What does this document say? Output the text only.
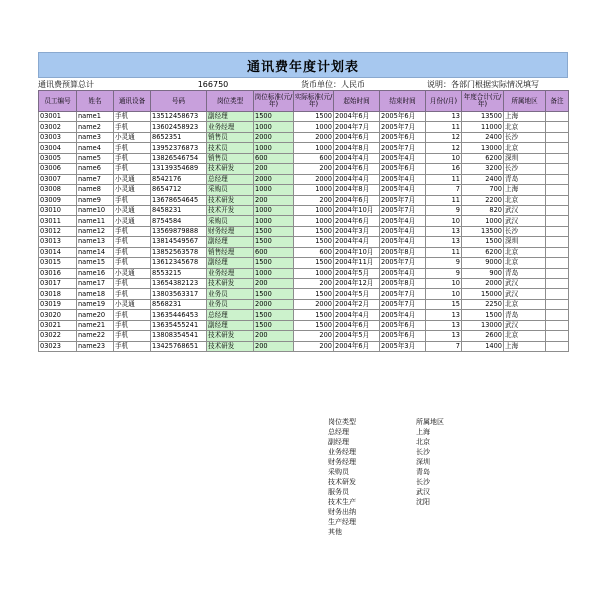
通讯费年度计划表
通讯费预算总计	166750	货币单位：人民币	说明：各部门根据实际情况填写
员工编号	姓名	通讯设备	号码	岗位类型	岗位标准(元/年)	实际标准(元/年)	起始时间	结束时间	月份(/月)	年度合计(元/年)	所属地区	备注
03001	name1	手机	13512458673	副经理	1500	1500	2004年6月	2005年6月	13	13500	上海	
03002	name2	手机	13602458923	业务经理	1000	1000	2004年7月	2005年7月	11	11000	北京	
03003	name3	小灵通	8652351	销售员	2000	2000	2004年6月	2005年6月	12	2400	长沙	
03004	name4	手机	13952376873	技术员	1000	1000	2004年8月	2005年7月	12	13000	北京	
03005	name5	手机	13826546754	销售员	600	600	2004年4月	2005年4月	10	6200	深圳	
03006	name6	手机	13139354689	技术研发	200	200	2004年6月	2005年6月	16	3200	长沙	
03007	name7	小灵通	8542176	总经理	2000	2000	2004年4月	2005年4月	11	2400	青岛	
03008	name8	小灵通	8654712	采购员	1000	1000	2004年8月	2005年4月	7	700	上海	
03009	name9	手机	13678654645	技术研发	200	200	2004年6月	2005年7月	11	2200	北京	
03010	name10	小灵通	8458231	技术开发	1000	1000	2004年10月	2005年7月	9	820	武汉	
03011	name11	小灵通	8754584	采购员	1000	1000	2004年6月	2005年4月	10	1000	武汉	
03012	name12	手机	13569879888	财务经理	1500	1500	2004年3月	2005年4月	13	13500	长沙	
03013	name13	手机	13814549567	副经理	1500	1500	2004年4月	2005年4月	13	1500	深圳	
03014	name14	手机	13852563578	销售经理	600	600	2004年10月	2005年8月	11	6200	北京	
03015	name15	手机	13612345678	副经理	1500	1500	2004年11月	2005年7月	9	9000	北京	
03016	name16	小灵通	8553215	业务经理	1000	1000	2004年5月	2005年4月	9	900	青岛	
03017	name17	手机	13654382123	技术研发	200	200	2004年12月	2005年8月	10	2000	武汉	
03018	name18	手机	13803563317	业务员	1500	1500	2004年5月	2005年7月	10	15000	武汉	
03019	name19	小灵通	8568231	业务员	2000	2000	2004年2月	2005年7月	15	2250	北京	
03020	name20	手机	13635446453	总经理	1500	1500	2004年4月	2005年4月	13	1500	青岛	
03021	name21	手机	13635455241	副经理	1500	1500	2004年6月	2005年6月	13	13000	武汉	
03022	name22	手机	13808354541	技术研发	200	200	2004年5月	2005年6月	13	2600	北京	
03023	name23	手机	13425768651	技术研发	200	200	2004年6月	2005年3月	7	1400	上海	
岗位类型
总经理
副经理
业务经理
财务经理
采购员
技术研发
服务员
技术生产
财务出纳
生产经理
其他
所属地区
上海
北京
长沙
深圳
青岛
长沙
武汉
沈阳
